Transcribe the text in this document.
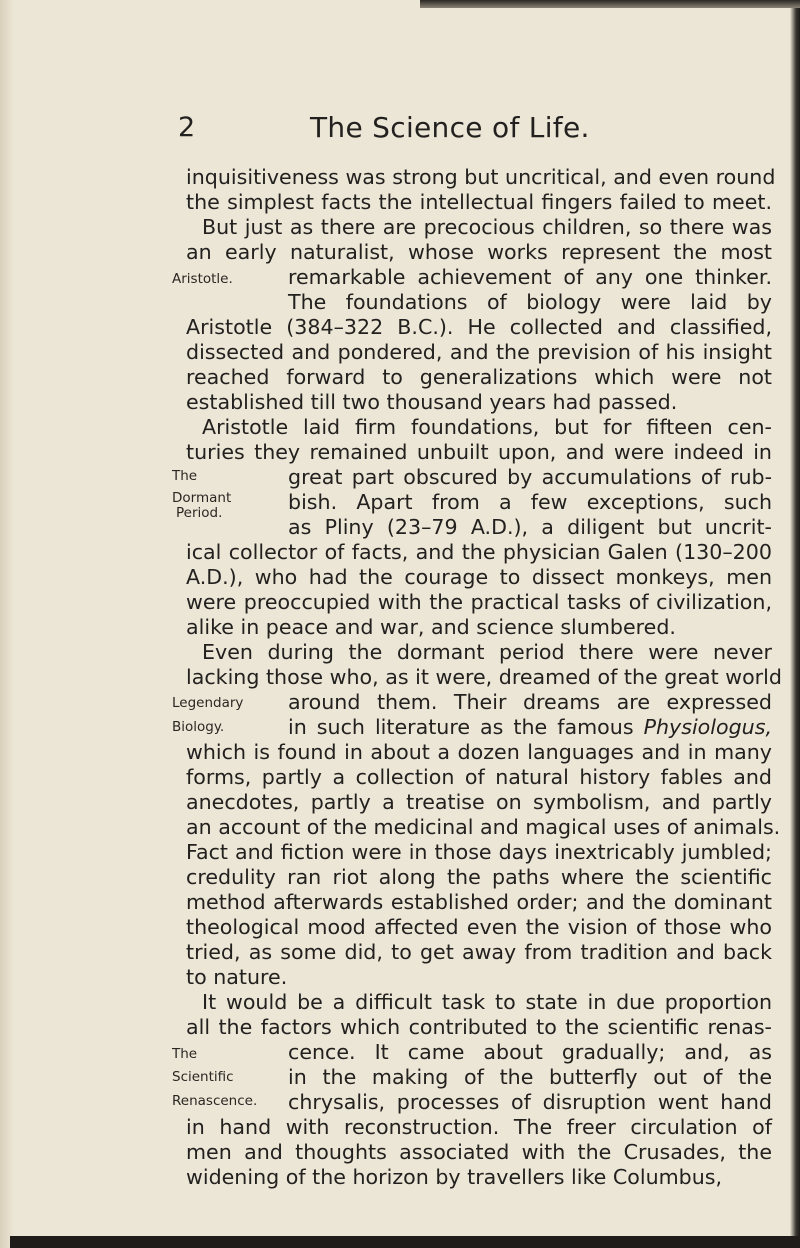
2	The Science of Life.
inquisitiveness was strong but uncritical, and even round
the simplest facts the intellectual fingers failed to meet.
But just as there are precocious children, so there was
an early naturalist, whose works represent the most
remarkable achievement of any one thinker.
The foundations of biology were laid by
Aristotle (384–322 B.C.). He collected and classified,
dissected and pondered, and the prevision of his insight
reached forward to generalizations which were not
established till two thousand years had passed.
Aristotle laid firm foundations, but for fifteen cen-
turies they remained unbuilt upon, and were indeed in
great part obscured by accumulations of rub-
bish. Apart from a few exceptions, such
as Pliny (23–79 A.D.), a diligent but uncrit-
ical collector of facts, and the physician Galen (130–200
A.D.), who had the courage to dissect monkeys, men
were preoccupied with the practical tasks of civilization,
alike in peace and war, and science slumbered.
Even during the dormant period there were never
lacking those who, as it were, dreamed of the great world
around them. Their dreams are expressed
in such literature as the famous Physiologus,
which is found in about a dozen languages and in many
forms, partly a collection of natural history fables and
anecdotes, partly a treatise on symbolism, and partly
an account of the medicinal and magical uses of animals.
Fact and fiction were in those days inextricably jumbled;
credulity ran riot along the paths where the scientific
method afterwards established order; and the dominant
theological mood affected even the vision of those who
tried, as some did, to get away from tradition and back
to nature.
It would be a difficult task to state in due proportion
all the factors which contributed to the scientific renas-
cence. It came about gradually; and, as
in the making of the butterfly out of the
chrysalis, processes of disruption went hand
in hand with reconstruction. The freer circulation of
men and thoughts associated with the Crusades, the
widening of the horizon by travellers like Columbus,
Aristotle.
The
Dormant
Period.
Legendary
Biology.
The
Scientific
Renascence.
